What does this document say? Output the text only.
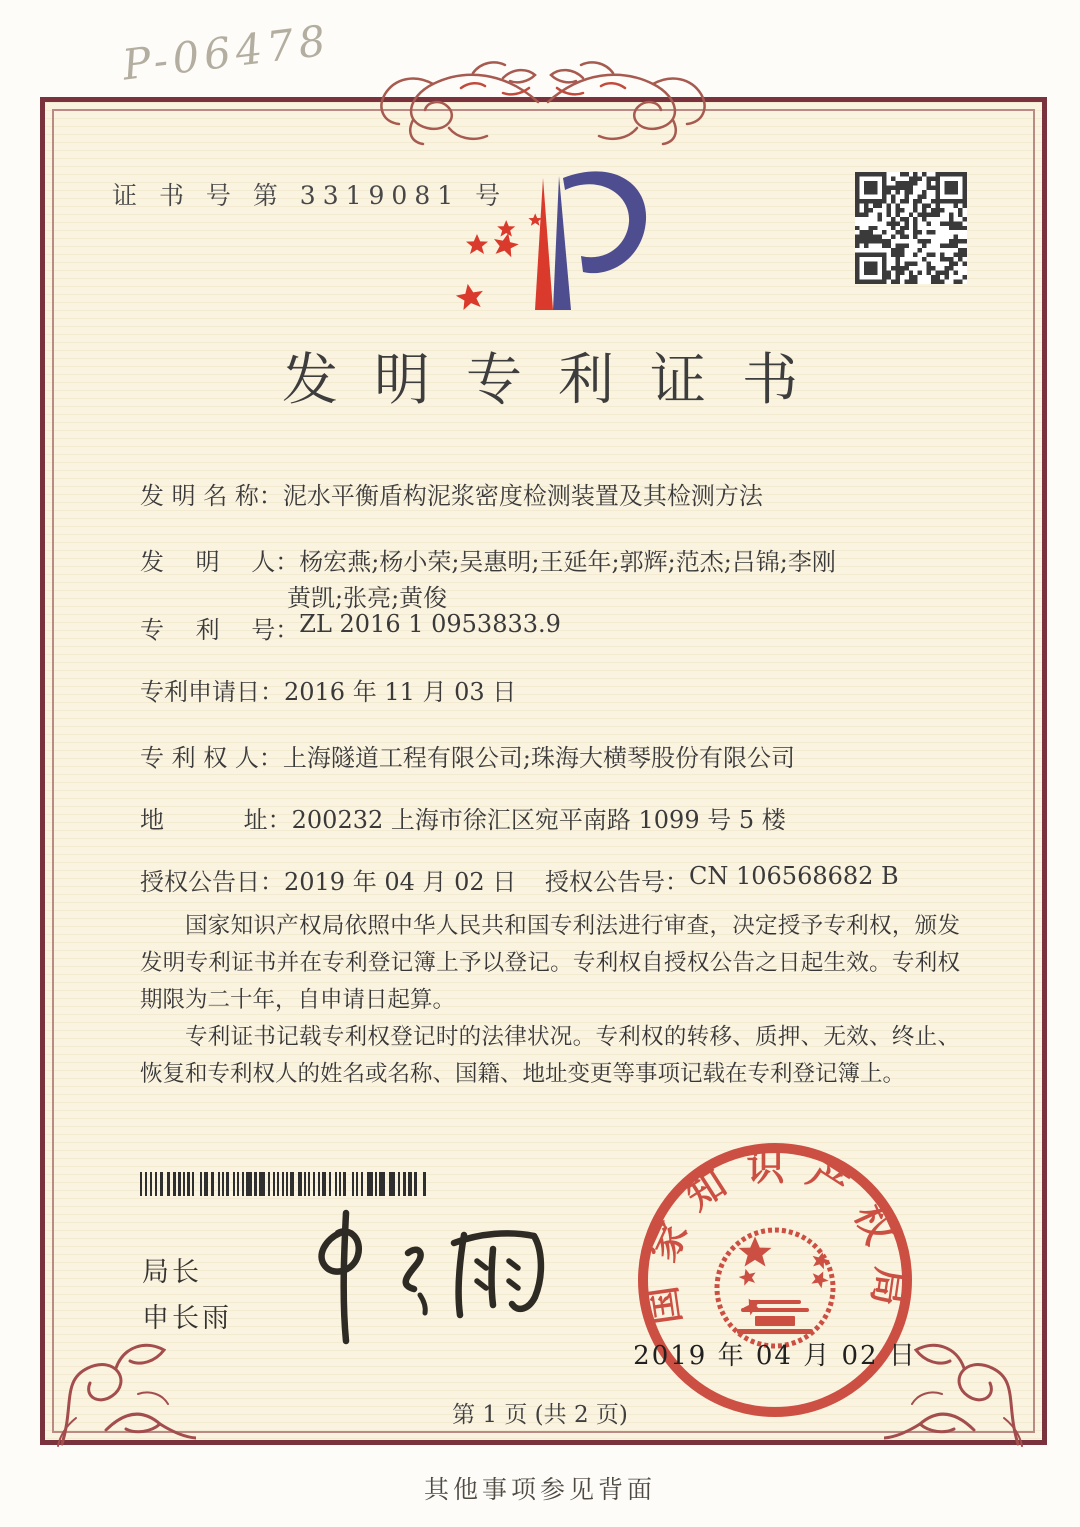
P-06478
证 书 号 第 3319081 号
发明专利证书
发 明 名 称： 泥水平衡盾构泥浆密度检测装置及其检测方法
发　 明　 人： 杨宏燕;杨小荣;吴惠明;王延年;郭辉;范杰;吕锦;李刚
黄凯;张亮;黄俊
专　 利　 号： ZL 2016 1 0953833.9
专利申请日： 2016 年 11 月 03 日
专 利 权 人： 上海隧道工程有限公司;珠海大横琴股份有限公司
地　　　 址： 200232 上海市徐汇区宛平南路 1099 号 5 楼
授权公告日： 2019 年 04 月 02 日 授权公告号： CN 106568682 B

国家知识产权局依照中华人民共和国专利法进行审查，决定授予专利权，颁发发明专利证书并在专利登记簿上予以登记。专利权自授权公告之日起生效。专利权期限为二十年，自申请日起算。

专利证书记载专利权登记时的法律状况。专利权的转移、质押、无效、终止、恢复和专利权人的姓名或名称、国籍、地址变更等事项记载在专利登记簿上。

局长
申长雨	国家知识产权局
2019 年 04 月 02 日
第 1 页 (共 2 页)
其他事项参见背面
